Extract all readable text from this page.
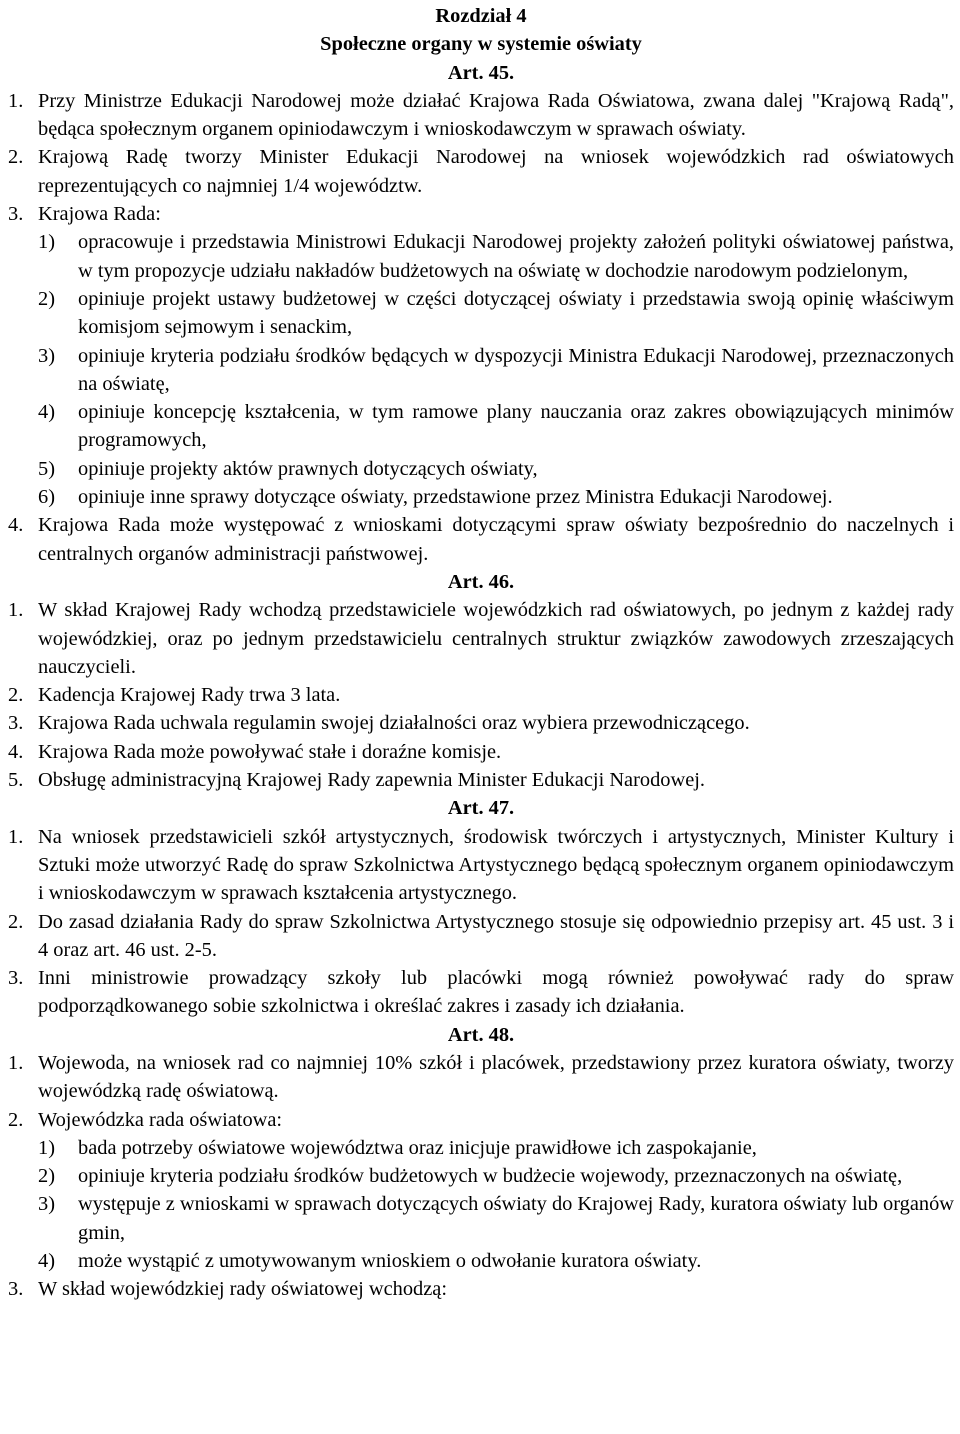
Rozdział 4
Społeczne organy w systemie oświaty
Art. 45.
1. Przy Ministrze Edukacji Narodowej może działać Krajowa Rada Oświatowa, zwana dalej "Krajową Radą", będąca społecznym organem opiniodawczym i wnioskodawczym w sprawach oświaty.
2. Krajową Radę tworzy Minister Edukacji Narodowej na wniosek wojewódzkich rad oświatowych reprezentujących co najmniej 1/4 województw.
3. Krajowa Rada:
1)	opracowuje i przedstawia Ministrowi Edukacji Narodowej projekty założeń polityki oświatowej państwa, w tym propozycje udziału nakładów budżetowych na oświatę w dochodzie narodowym podzielonym,
2)	opiniuje projekt ustawy budżetowej w części dotyczącej oświaty i przedstawia swoją opinię właściwym komisjom sejmowym i senackim,
3)	opiniuje kryteria podziału środków będących w dyspozycji Ministra Edukacji Narodowej, przeznaczonych na oświatę,
4)	opiniuje koncepcję kształcenia, w tym ramowe plany nauczania oraz zakres obowiązujących minimów programowych,
5)	opiniuje projekty aktów prawnych dotyczących oświaty,
6)	opiniuje inne sprawy dotyczące oświaty, przedstawione przez Ministra Edukacji Narodowej.
4. Krajowa Rada może występować z wnioskami dotyczącymi spraw oświaty bezpośrednio do naczelnych i centralnych organów administracji państwowej.
Art. 46.
1. W skład Krajowej Rady wchodzą przedstawiciele wojewódzkich rad oświatowych, po jednym z każdej rady wojewódzkiej, oraz po jednym przedstawicielu centralnych struktur związków zawodowych zrzeszających nauczycieli.
2. Kadencja Krajowej Rady trwa 3 lata.
3. Krajowa Rada uchwala regulamin swojej działalności oraz wybiera przewodniczącego.
4. Krajowa Rada może powoływać stałe i doraźne komisje.
5. Obsługę administracyjną Krajowej Rady zapewnia Minister Edukacji Narodowej.
Art. 47.
1. Na wniosek przedstawicieli szkół artystycznych, środowisk twórczych i artystycznych, Minister Kultury i Sztuki może utworzyć Radę do spraw Szkolnictwa Artystycznego będącą społecznym organem opiniodawczym i wnioskodawczym w sprawach kształcenia artystycznego.
2. Do zasad działania Rady do spraw Szkolnictwa Artystycznego stosuje się odpowiednio przepisy art. 45 ust. 3 i 4 oraz art. 46 ust. 2-5.
3. Inni ministrowie prowadzący szkoły lub placówki mogą również powoływać rady do spraw podporządkowanego sobie szkolnictwa i określać zakres i zasady ich działania.
Art. 48.
1. Wojewoda, na wniosek rad co najmniej 10% szkół i placówek, przedstawiony przez kuratora oświaty, tworzy wojewódzką radę oświatową.
2. Wojewódzka rada oświatowa:
1)	bada potrzeby oświatowe województwa oraz inicjuje prawidłowe ich zaspokajanie,
2)	opiniuje kryteria podziału środków budżetowych w budżecie wojewody, przeznaczonych na oświatę,
3)	występuje z wnioskami w sprawach dotyczących oświaty do Krajowej Rady, kuratora oświaty lub organów gmin,
4)	może wystąpić z umotywowanym wnioskiem o odwołanie kuratora oświaty.
3. W skład wojewódzkiej rady oświatowej wchodzą:
